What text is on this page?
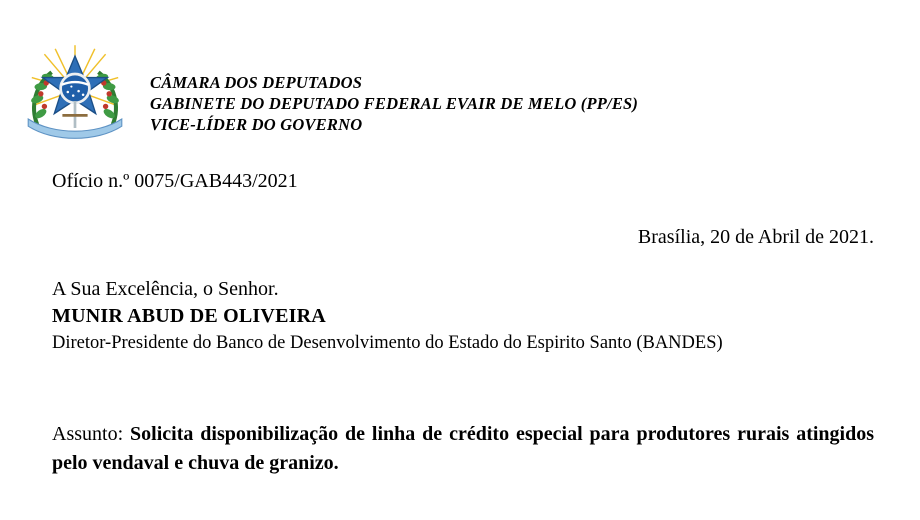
CÂMARA DOS DEPUTADOS
GABINETE DO DEPUTADO FEDERAL EVAIR DE MELO (PP/ES)
VICE-LÍDER DO GOVERNO
Ofício n.º 0075/GAB443/2021
Brasília, 20 de Abril de 2021.
A Sua Excelência, o Senhor.
MUNIR ABUD DE OLIVEIRA
Diretor-Presidente do Banco de Desenvolvimento do Estado do Espirito Santo (BANDES)
Assunto: Solicita disponibilização de linha de crédito especial para produtores rurais atingidos pelo vendaval e chuva de granizo.
